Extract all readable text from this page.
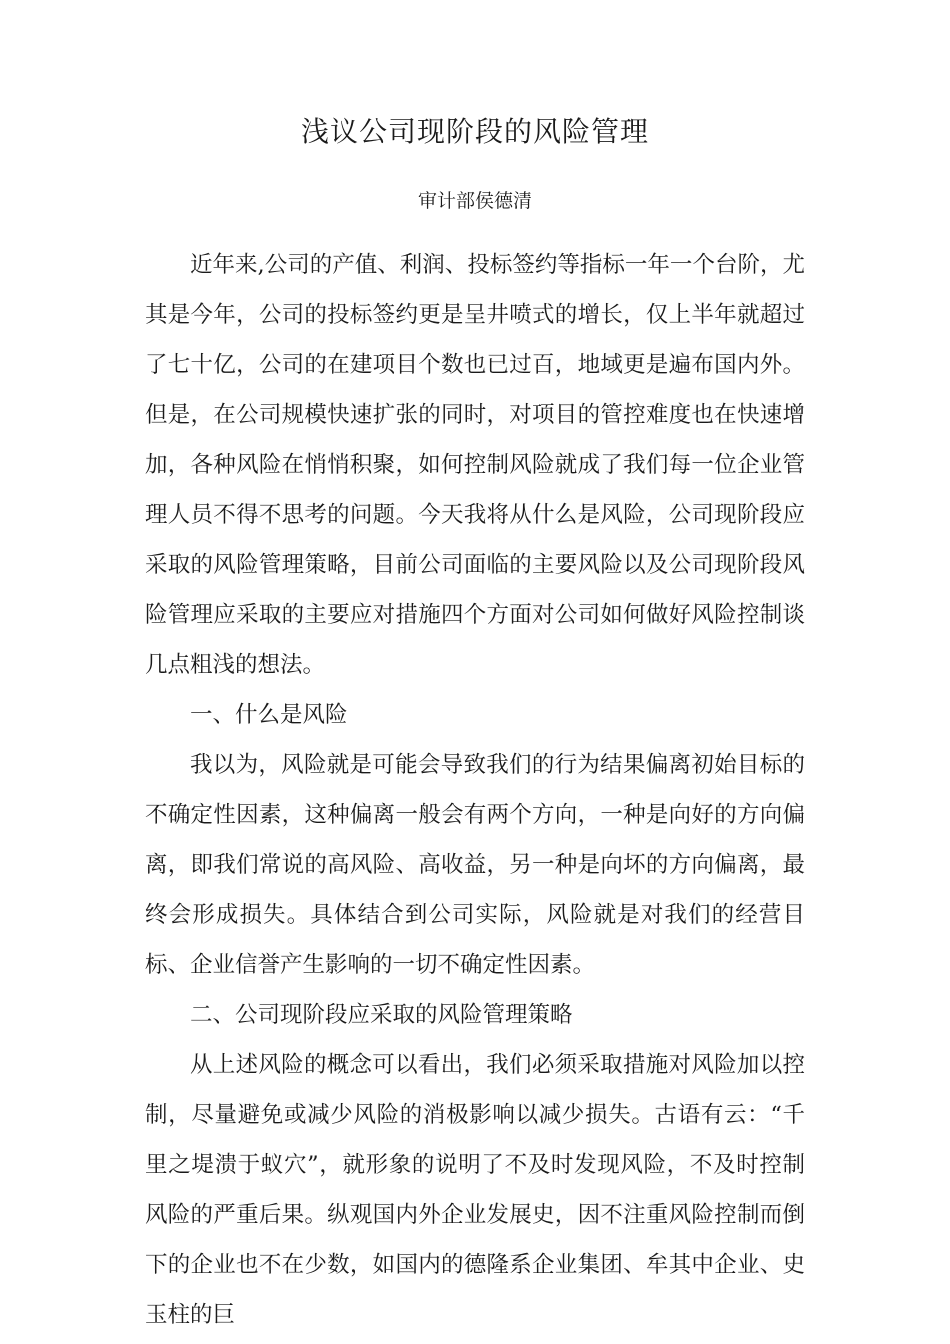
浅议公司现阶段的风险管理
审计部侯德清

近年来,公司的产值、利润、投标签约等指标一年一个台阶，尤其是今年，公司的投标签约更是呈井喷式的增长，仅上半年就超过了七十亿，公司的在建项目个数也已过百，地域更是遍布国内外。但是，在公司规模快速扩张的同时，对项目的管控难度也在快速增加，各种风险在悄悄积聚，如何控制风险就成了我们每一位企业管理人员不得不思考的问题。今天我将从什么是风险，公司现阶段应采取的风险管理策略，目前公司面临的主要风险以及公司现阶段风险管理应采取的主要应对措施四个方面对公司如何做好风险控制谈几点粗浅的想法。

一、什么是风险

我以为，风险就是可能会导致我们的行为结果偏离初始目标的不确定性因素，这种偏离一般会有两个方向，一种是向好的方向偏离，即我们常说的高风险、高收益，另一种是向坏的方向偏离，最终会形成损失。具体结合到公司实际，风险就是对我们的经营目标、企业信誉产生影响的一切不确定性因素。

二、公司现阶段应采取的风险管理策略

从上述风险的概念可以看出，我们必须采取措施对风险加以控制，尽量避免或减少风险的消极影响以减少损失。古语有云：“千里之堤溃于蚁穴”，就形象的说明了不及时发现风险，不及时控制风险的严重后果。纵观国内外企业发展史，因不注重风险控制而倒下的企业也不在少数，如国内的德隆系企业集团、牟其中企业、史玉柱的巨
